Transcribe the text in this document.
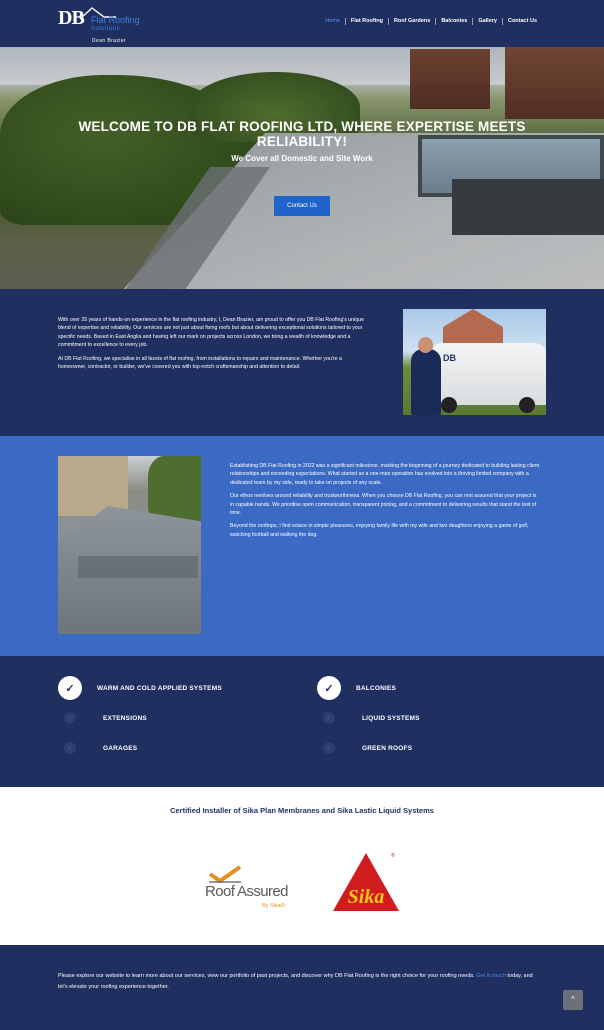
DB Flat Roofing
Solutions
Dean Brazier
Home	Flat Roofing	Roof Gardens	Balconies	Gallery	Contact Us
WELCOME TO DB FLAT ROOFING LTD, WHERE EXPERTISE MEETS RELIABILITY!
We Cover all Domestic and Site Work
Contact Us

With over 25 years of hands-on experience in the flat roofing industry, I, Dean Brazier, am proud to offer you DB Flat Roofing's unique blend of expertise and reliability. Our services are not just about fixing roofs but about delivering exceptional solutions tailored to your specific needs. Based in East Anglia and having left our mark on projects across London, we bring a wealth of knowledge and a commitment to excellence to every job.

At DB Flat Roofing, we specialise in all facets of flat roofing, from installations to repairs and maintenance. Whether you're a homeowner, contractor, or builder, we've covered you with top-notch craftsmanship and attention to detail.

DB

Establishing DB Flat Roofing in 2022 was a significant milestone, marking the beginning of a journey dedicated to building lasting client relationships and exceeding expectations. What started as a one-man operation has evolved into a thriving limited company with a dedicated team by my side, ready to take on projects of any scale.

Our ethos revolves around reliability and trustworthiness. When you choose DB Flat Roofing, you can rest assured that your project is in capable hands. We prioritise open communication, transparent pricing, and a commitment to delivering results that stand the test of time.

Beyond the rooftops, I find solace in simple pleasures, enjoying family life with my wife and two daughters enjoying a game of golf, watching football and walking the dog.

✓	WARM AND COLD APPLIED SYSTEMS
✓	EXTENSIONS
✓	GARAGES
✓	BALCONIES
✓	LIQUID SYSTEMS
✓	GREEN ROOFS
Certified Installer of Sika Plan Membranes and Sika Lastic Liquid Systems
Roof Assured
By Sika®	Sika
®

Please explore our website to learn more about our services, view our portfolio of past projects, and discover why DB Flat Roofing is the right choice for your roofing needs. Get in touch today, and let's elevate your roofing experience together.

^
